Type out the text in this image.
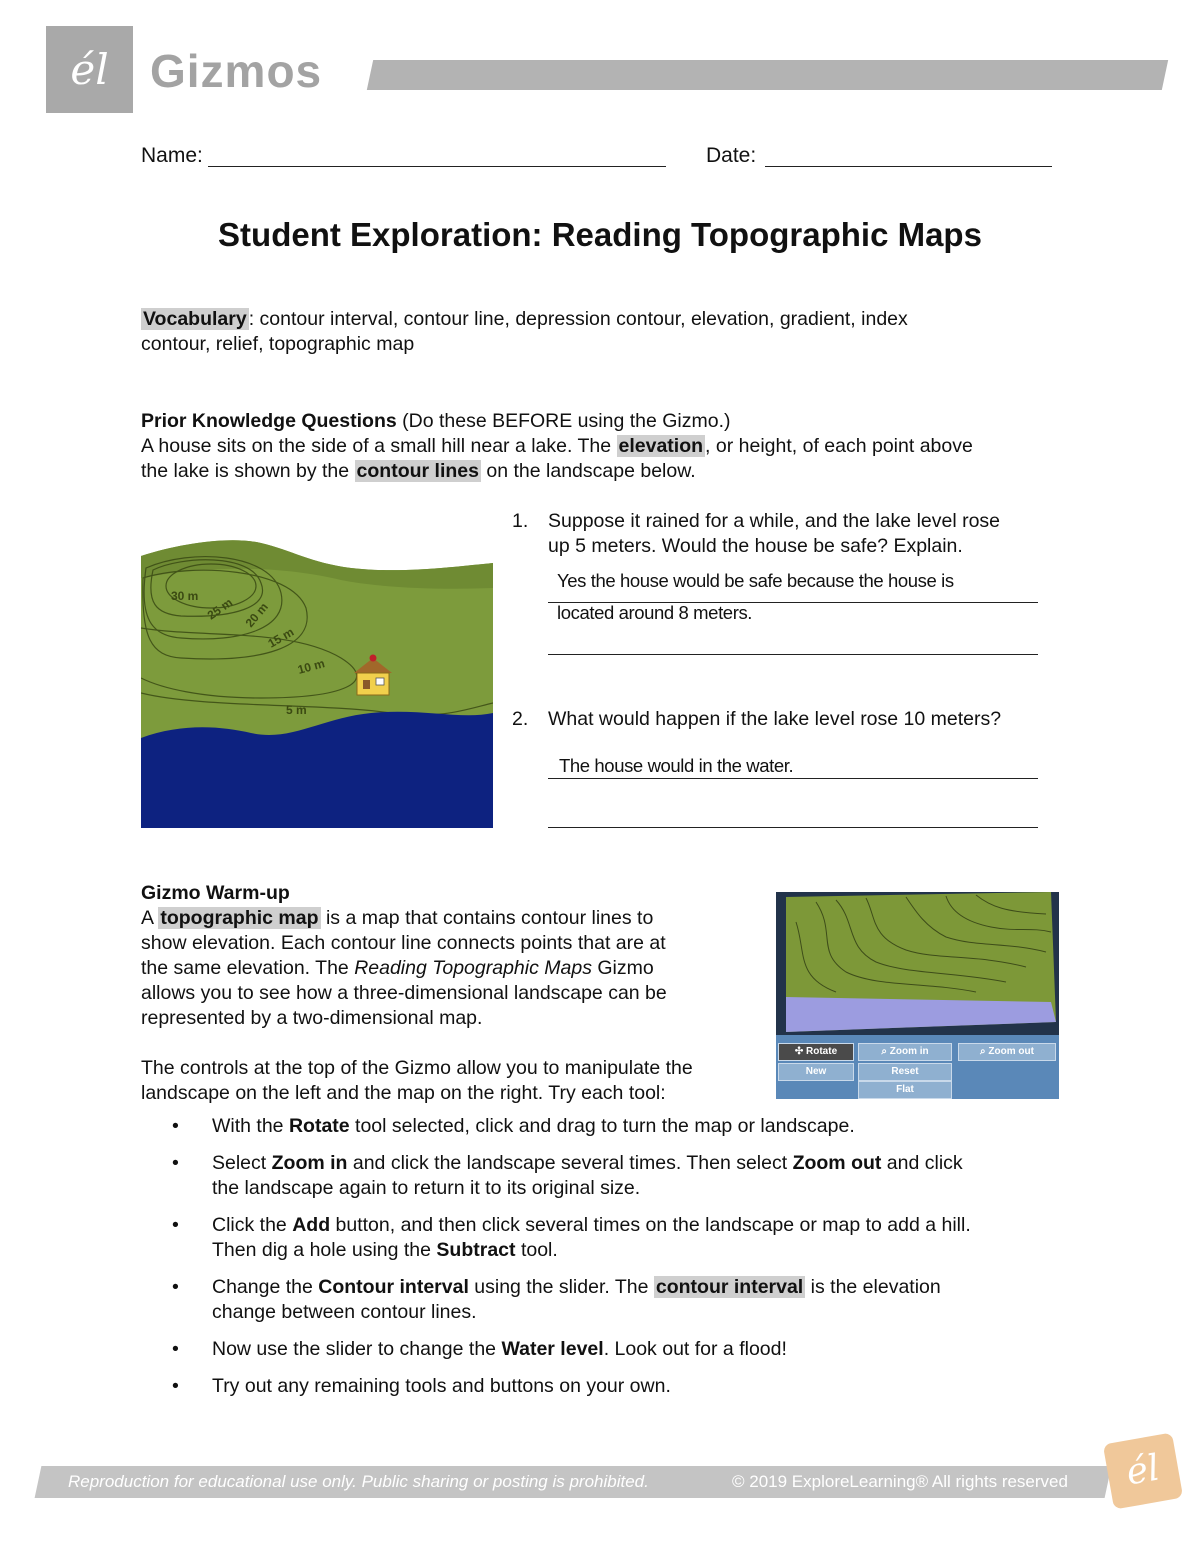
él Gizmos
Name:	Date:
Student Exploration: Reading Topographic Maps
Vocabulary : contour interval, contour line, depression contour, elevation, gradient, index
contour, relief, topographic map
Prior Knowledge Questions (Do these BEFORE using the Gizmo.)
A house sits on the side of a small hill near a lake. The elevation , or height, of each point above
the lake is shown by the contour lines on the landscape below.
30 m 25 m 20 m
15 m
10 m
5 m
1. Suppose it rained for a while, and the lake level rose
up 5 meters. Would the house be safe? Explain.
Yes the house would be safe because the house is
located around 8 meters.
2. What would happen if the lake level rose 10 meters?
The house would in the water.
Gizmo Warm-up
A topographic map is a map that contains contour lines to
show elevation. Each contour line connects points that are at
the same elevation. The Reading Topographic Maps Gizmo
allows you to see how a three-dimensional landscape can be
represented by a two-dimensional map.
The controls at the top of the Gizmo allow you to manipulate the
landscape on the left and the map on the right. Try each tool:
✣ Rotate	⌕ Zoom in	⌕ Zoom out
New	Reset
Flat
• With the Rotate tool selected, click and drag to turn the map or landscape.
• Select Zoom in and click the landscape several times. Then select Zoom out and click
the landscape again to return it to its original size.
• Click the Add button, and then click several times on the landscape or map to add a hill.
Then dig a hole using the Subtract tool.
• Change the Contour interval using the slider. The contour interval is the elevation
change between contour lines.
• Now use the slider to change the Water level. Look out for a flood!
• Try out any remaining tools and buttons on your own.
Reproduction for educational use only. Public sharing or posting is prohibited.	© 2019 ExploreLearning® All rights reserved	él
